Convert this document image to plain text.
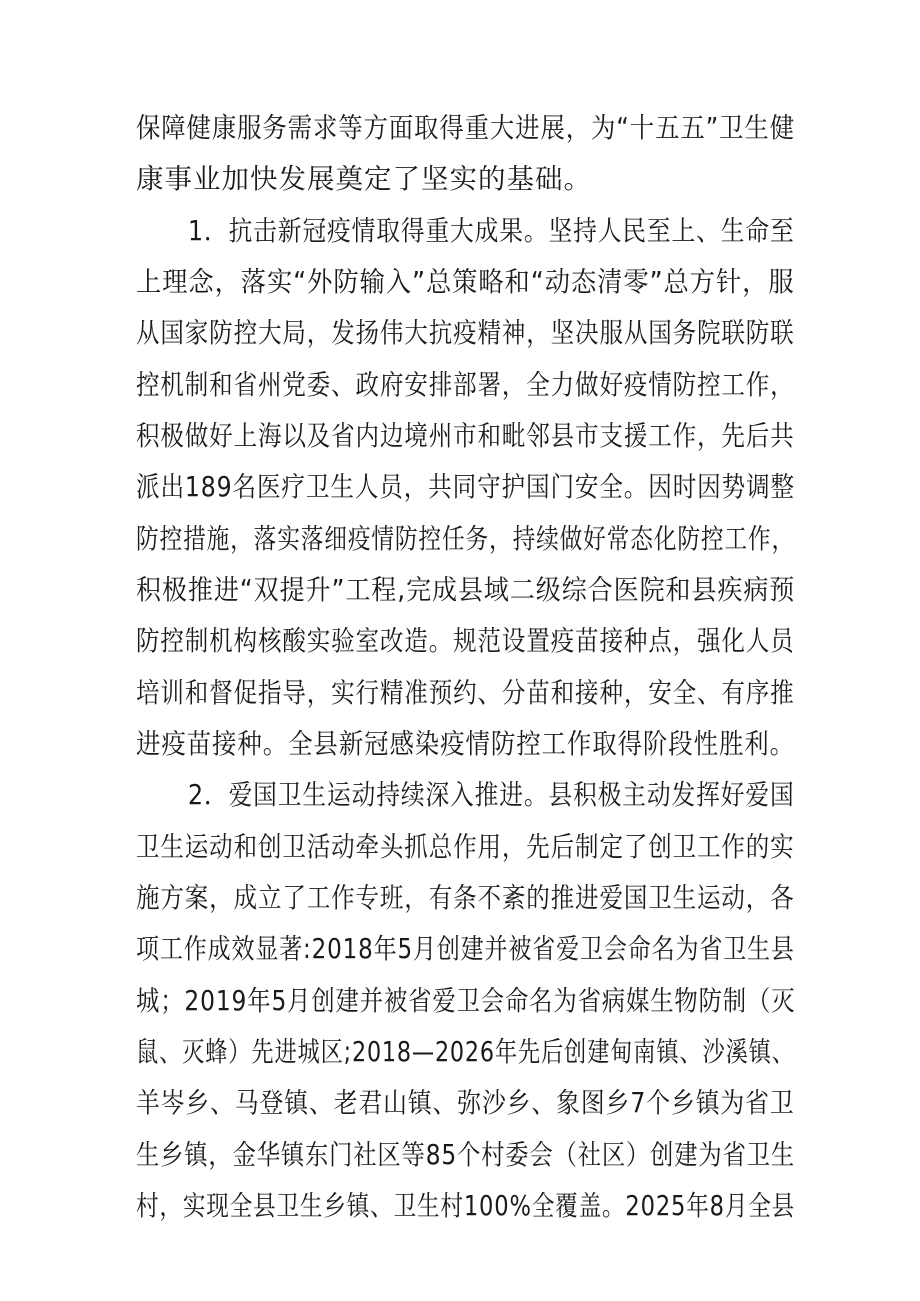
保障健康服务需求等方面取得重大进展，为“十五五”卫生健
康事业加快发展奠定了坚实的基础。
1．抗击新冠疫情取得重大成果。坚持人民至上、生命至
上理念，落实“外防输入”总策略和“动态清零”总方针，服
从国家防控大局，发扬伟大抗疫精神，坚决服从国务院联防联
控机制和省州党委、政府安排部署，全力做好疫情防控工作，
积极做好上海以及省内边境州市和毗邻县市支援工作，先后共
派出189名医疗卫生人员，共同守护国门安全。因时因势调整
防控措施，落实落细疫情防控任务，持续做好常态化防控工作，
积极推进“双提升”工程,完成县域二级综合医院和县疾病预
防控制机构核酸实验室改造。规范设置疫苗接种点，强化人员
培训和督促指导，实行精准预约、分苗和接种，安全、有序推
进疫苗接种。全县新冠感染疫情防控工作取得阶段性胜利。
2．爱国卫生运动持续深入推进。县积极主动发挥好爱国
卫生运动和创卫活动牵头抓总作用，先后制定了创卫工作的实
施方案，成立了工作专班，有条不紊的推进爱国卫生运动，各
项工作成效显著:2018年5月创建并被省爱卫会命名为省卫生县
城；2019年5月创建并被省爱卫会命名为省病媒生物防制（灭
鼠、灭蜂）先进城区;2018—2026年先后创建甸南镇、沙溪镇、
羊岑乡、马登镇、老君山镇、弥沙乡、象图乡7个乡镇为省卫
生乡镇，金华镇东门社区等85个村委会（社区）创建为省卫生
村，实现全县卫生乡镇、卫生村100%全覆盖。2025年8月全县
